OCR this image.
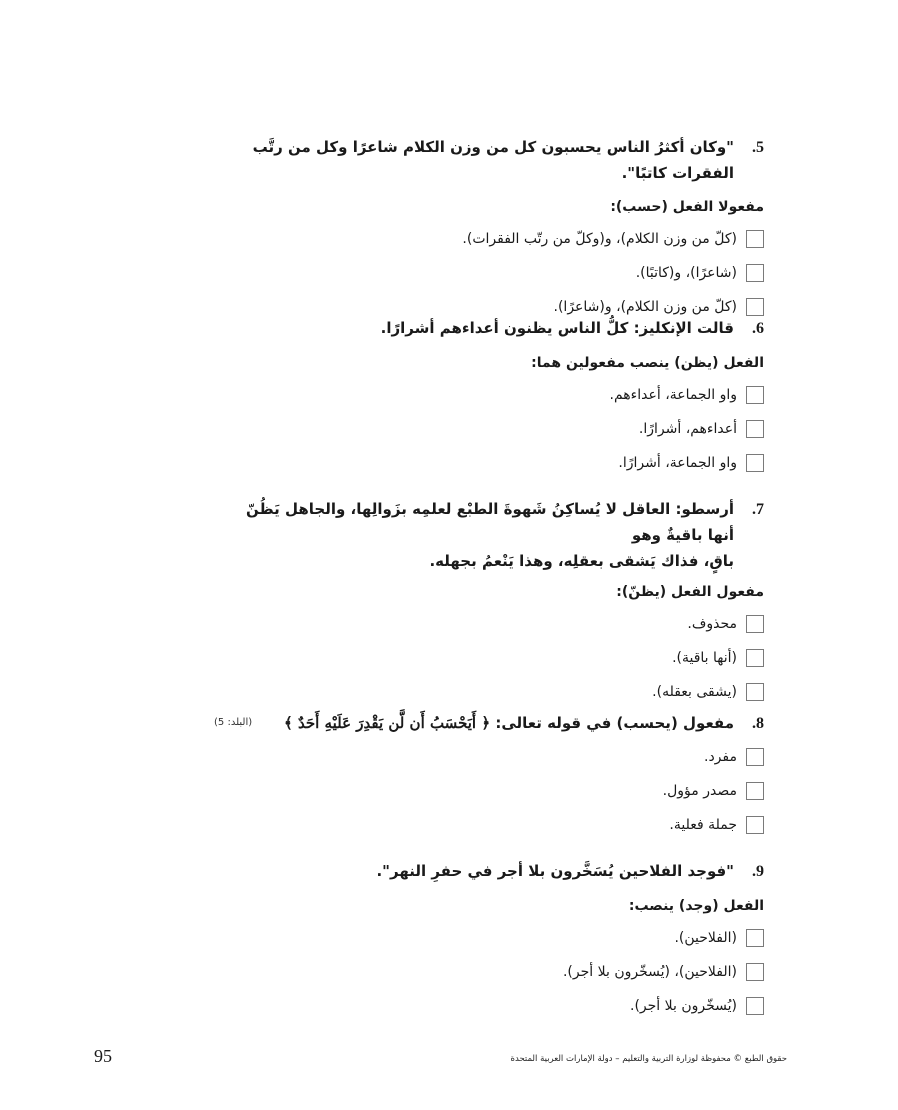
5.
"وكان أكثرُ الناس يحسبون كل من وزن الكلام شاعرًا وكل من رتَّب الفقرات كاتبًا".
مفعولا الفعل (حسب):
(كلّ من وزن الكلام)، و(وكلّ من رتّب الفقرات).
(شاعرًا)، و(كاتبًا).
(كلّ من وزن الكلام)، و(شاعرًا).
6.
قالت الإنكليز: كلُّ الناس يظنون أعداءهم أشرارًا.
الفعل (يظن) ينصب مفعولين هما:
واو الجماعة، أعداءهم.
أعداءهم، أشرارًا.
واو الجماعة، أشرارًا.
7.
أرسطو: العاقل لا يُساكِنُ شَهوةَ الطبْع لعلمِه بزَوالِها، والجاهل يَظُنّ أنها باقيةٌ وهو
باقٍ، فذاك يَشقى بعقلِه، وهذا يَنْعمُ بجهله.
مفعول الفعل (يظنّ):
محذوف.
(أنها باقية).
(يشقى بعقله).
8.
مفعول (يحسب) في قوله تعالى: ﴿ أَيَحْسَبُ أَن لَّن يَقْدِرَ عَلَيْهِ أَحَدٌ ﴾
مفرد.
مصدر مؤول.
جملة فعلية.
(البلد: 5)
9.
"فوجد الفلاحين يُسَخَّرون بلا أجر في حفرِ النهر".
الفعل (وجد) ينصب:
(الفلاحين).
(الفلاحين)، (يُسخّرون بلا أجر).
(يُسخّرون بلا أجر).
95	حقوق الطبع © محفوظة لوزارة التربية والتعليم – دولة الإمارات العربية المتحدة
